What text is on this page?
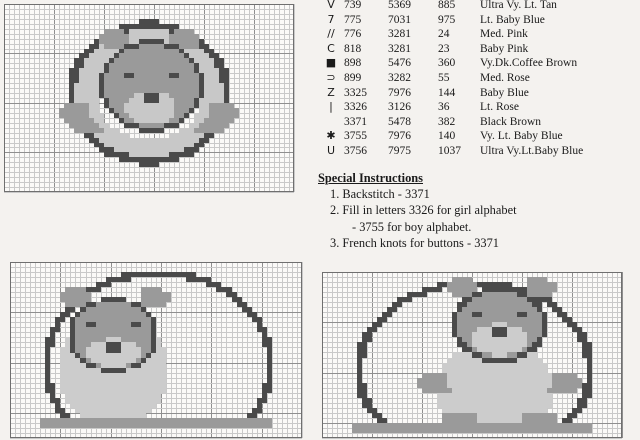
V	739	5369	885	Ultra Vy. Lt. Tan
7	775	7031	975	Lt. Baby Blue
//	776	3281	24	Med. Pink
C	818	3281	23	Baby Pink
■	898	5476	360	Vy.Dk.Coffee Brown
⊃	899	3282	55	Med. Rose
Z	3325	7976	144	Baby Blue
|	3326	3126	36	Lt. Rose
	3371	5478	382	Black Brown
✱	3755	7976	140	Vy. Lt. Baby Blue
U	3756	7975	1037	Ultra Vy.Lt.Baby Blue
Special Instructions
1. Backstitch - 3371
2. Fill in letters 3326 for girl alphabet
- 3755 for boy alphabet.
3. French knots for buttons - 3371
